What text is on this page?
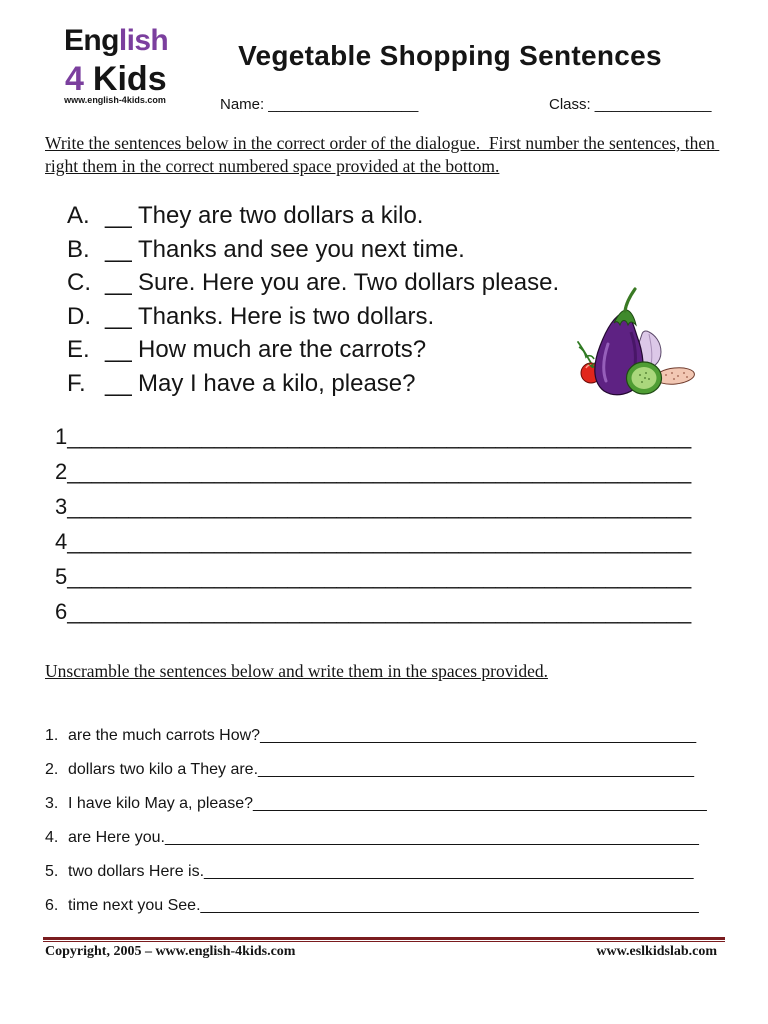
English
4 Kids
www.english-4kids.com
Vegetable Shopping Sentences
Name: __________________	Class: ______________
Write the sentences below in the correct order of the dialogue.  First number the sentences, then right them in the correct numbered space provided at the bottom.
A. __ They are two dollars a kilo.
B. __ Thanks and see you next time.
C. __ Sure. Here you are. Two dollars please.
D. __ Thanks. Here is two dollars.
E. __ How much are the carrots?
F. __ May I have a kilo, please?
1___________________________________________________
2___________________________________________________
3___________________________________________________
4___________________________________________________
5___________________________________________________
6___________________________________________________
Unscramble the sentences below and write them in the spaces provided.
1. are the much carrots How?_________________________________________________
2. dollars two kilo a They are._________________________________________________
3. I have kilo May a, please?___________________________________________________
4. are Here you.____________________________________________________________
5. two dollars Here is._______________________________________________________
6. time next you See.________________________________________________________
Copyright, 2005 – www.english-4kids.com	www.eslkidslab.com
